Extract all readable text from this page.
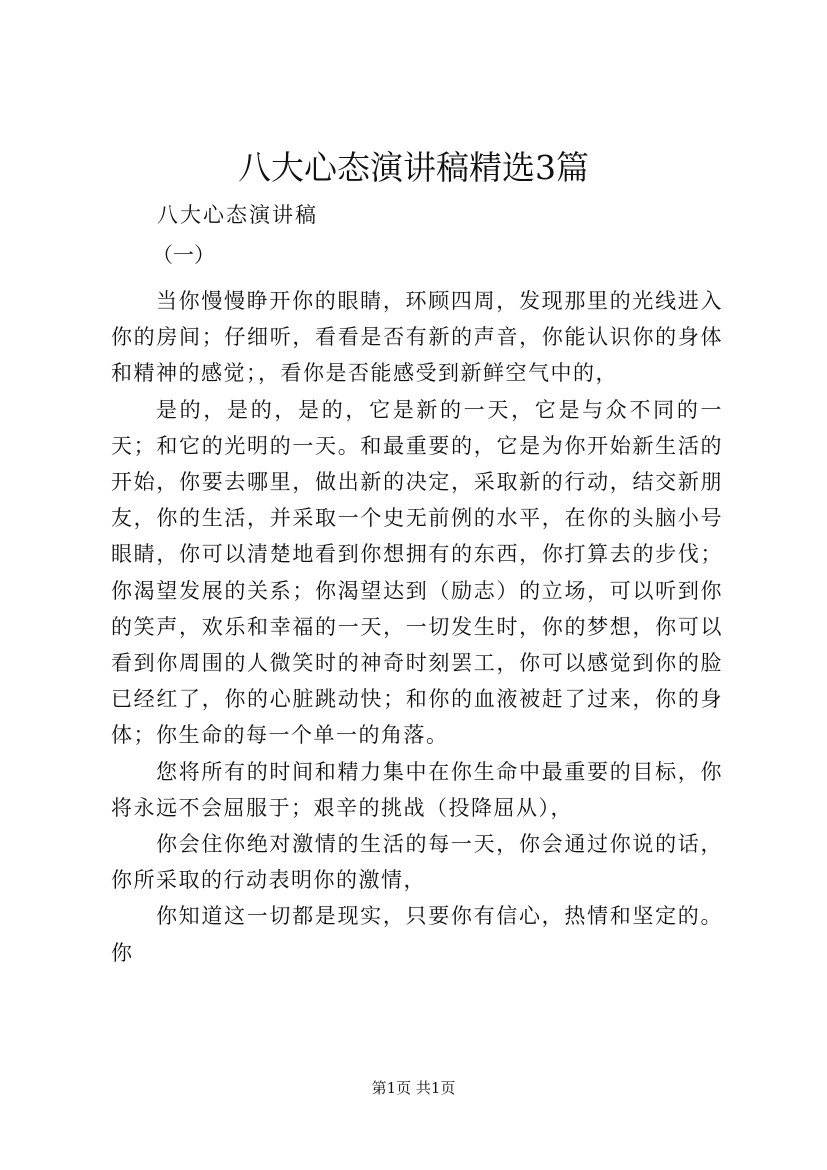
八大心态演讲稿精选3篇
八大心态演讲稿
（一）

当你慢慢睁开你的眼睛，环顾四周，发现那里的光线进入你的房间；仔细听，看看是否有新的声音，你能认识你的身体和精神的感觉；，看你是否能感受到新鲜空气中的，

是的，是的，是的，它是新的一天，它是与众不同的一天；和它的光明的一天。和最重要的，它是为你开始新生活的开始，你要去哪里，做出新的决定，采取新的行动，结交新朋友，你的生活，并采取一个史无前例的水平，在你的头脑小号眼睛，你可以清楚地看到你想拥有的东西，你打算去的步伐；你渴望发展的关系；你渴望达到（励志）的立场，可以听到你的笑声，欢乐和幸福的一天，一切发生时，你的梦想，你可以看到你周围的人微笑时的神奇时刻罢工，你可以感觉到你的脸已经红了，你的心脏跳动快；和你的血液被赶了过来，你的身体；你生命的每一个单一的角落。

您将所有的时间和精力集中在你生命中最重要的目标，你将永远不会屈服于；艰辛的挑战（投降屈从），

你会住你绝对激情的生活的每一天，你会通过你说的话，你所采取的行动表明你的激情，

你知道这一切都是现实，只要你有信心，热情和坚定的。你

第1页 共1页
